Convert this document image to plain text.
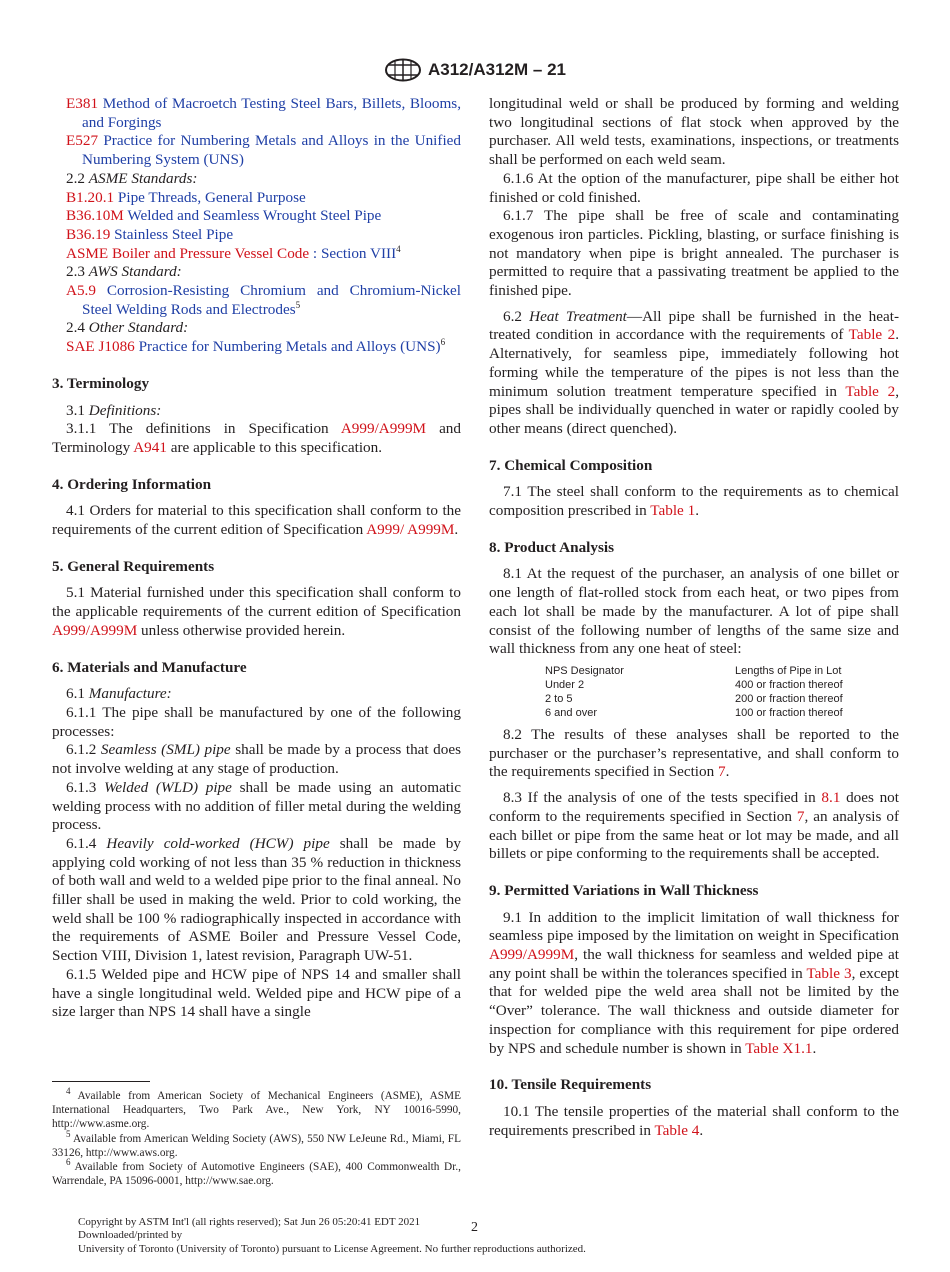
A312/A312M – 21

E381 Method of Macroetch Testing Steel Bars, Billets, Blooms, and Forgings

E527 Practice for Numbering Metals and Alloys in the Unified Numbering System (UNS)

2.2 ASME Standards:

B1.20.1 Pipe Threads, General Purpose

B36.10M Welded and Seamless Wrought Steel Pipe

B36.19 Stainless Steel Pipe

ASME Boiler and Pressure Vessel Code : Section VIII$^4$

2.3 AWS Standard:

A5.9 Corrosion-Resisting Chromium and Chromium-Nickel Steel Welding Rods and Electrodes$^5$

2.4 Other Standard:

SAE J1086 Practice for Numbering Metals and Alloys (UNS)$^6$

3. Terminology

3.1 Definitions:

3.1.1 The definitions in Specification A999/A999M and Terminology A941 are applicable to this specification.

4. Ordering Information

4.1 Orders for material to this specification shall conform to the requirements of the current edition of Specification A999/ A999M.

5. General Requirements

5.1 Material furnished under this specification shall conform to the applicable requirements of the current edition of Specification A999/A999M unless otherwise provided herein.

6. Materials and Manufacture

6.1 Manufacture:

6.1.1 The pipe shall be manufactured by one of the following processes:

6.1.2 Seamless (SML) pipe shall be made by a process that does not involve welding at any stage of production.

6.1.3 Welded (WLD) pipe shall be made using an automatic welding process with no addition of filler metal during the welding process.

6.1.4 Heavily cold-worked (HCW) pipe shall be made by applying cold working of not less than 35 % reduction in thickness of both wall and weld to a welded pipe prior to the final anneal. No filler shall be used in making the weld. Prior to cold working, the weld shall be 100 % radiographically inspected in accordance with the requirements of ASME Boiler and Pressure Vessel Code, Section VIII, Division 1, latest revision, Paragraph UW-51.

6.1.5 Welded pipe and HCW pipe of NPS 14 and smaller shall have a single longitudinal weld. Welded pipe and HCW pipe of a size larger than NPS 14 shall have a single

longitudinal weld or shall be produced by forming and welding two longitudinal sections of flat stock when approved by the purchaser. All weld tests, examinations, inspections, or treatments shall be performed on each weld seam.

6.1.6 At the option of the manufacturer, pipe shall be either hot finished or cold finished.

6.1.7 The pipe shall be free of scale and contaminating exogenous iron particles. Pickling, blasting, or surface finishing is not mandatory when pipe is bright annealed. The purchaser is permitted to require that a passivating treatment be applied to the finished pipe.

6.2 Heat Treatment—All pipe shall be furnished in the heat-treated condition in accordance with the requirements of Table 2. Alternatively, for seamless pipe, immediately following hot forming while the temperature of the pipes is not less than the minimum solution treatment temperature specified in Table 2, pipes shall be individually quenched in water or rapidly cooled by other means (direct quenched).

7. Chemical Composition

7.1 The steel shall conform to the requirements as to chemical composition prescribed in Table 1.

8. Product Analysis

8.1 At the request of the purchaser, an analysis of one billet or one length of flat-rolled stock from each heat, or two pipes from each lot shall be made by the manufacturer. A lot of pipe shall consist of the following number of lengths of the same size and wall thickness from any one heat of steel:

NPS Designator	Lengths of Pipe in Lot
Under 2	400 or fraction thereof
2 to 5	200 or fraction thereof
6 and over	100 or fraction thereof

8.2 The results of these analyses shall be reported to the purchaser or the purchaser’s representative, and shall conform to the requirements specified in Section 7.

8.3 If the analysis of one of the tests specified in 8.1 does not conform to the requirements specified in Section 7, an analysis of each billet or pipe from the same heat or lot may be made, and all billets or pipe conforming to the requirements shall be accepted.

9. Permitted Variations in Wall Thickness

9.1 In addition to the implicit limitation of wall thickness for seamless pipe imposed by the limitation on weight in Specification A999/A999M, the wall thickness for seamless and welded pipe at any point shall be within the tolerances specified in Table 3, except that for welded pipe the weld area shall not be limited by the “Over” tolerance. The wall thickness and outside diameter for inspection for compliance with this requirement for pipe ordered by NPS and schedule number is shown in Table X1.1.

10. Tensile Requirements

10.1 The tensile properties of the material shall conform to the requirements prescribed in Table 4.

$^4$ Available from American Society of Mechanical Engineers (ASME), ASME International Headquarters, Two Park Ave., New York, NY 10016-5990, http://www.asme.org.

$^5$ Available from American Welding Society (AWS), 550 NW LeJeune Rd., Miami, FL 33126, http://www.aws.org.

$^6$ Available from Society of Automotive Engineers (SAE), 400 Commonwealth Dr., Warrendale, PA 15096-0001, http://www.sae.org.

2
Copyright by ASTM Int'l (all rights reserved); Sat Jun 26 05:20:41 EDT 2021
Downloaded/printed by
University of Toronto (University of Toronto) pursuant to License Agreement. No further reproductions authorized.
